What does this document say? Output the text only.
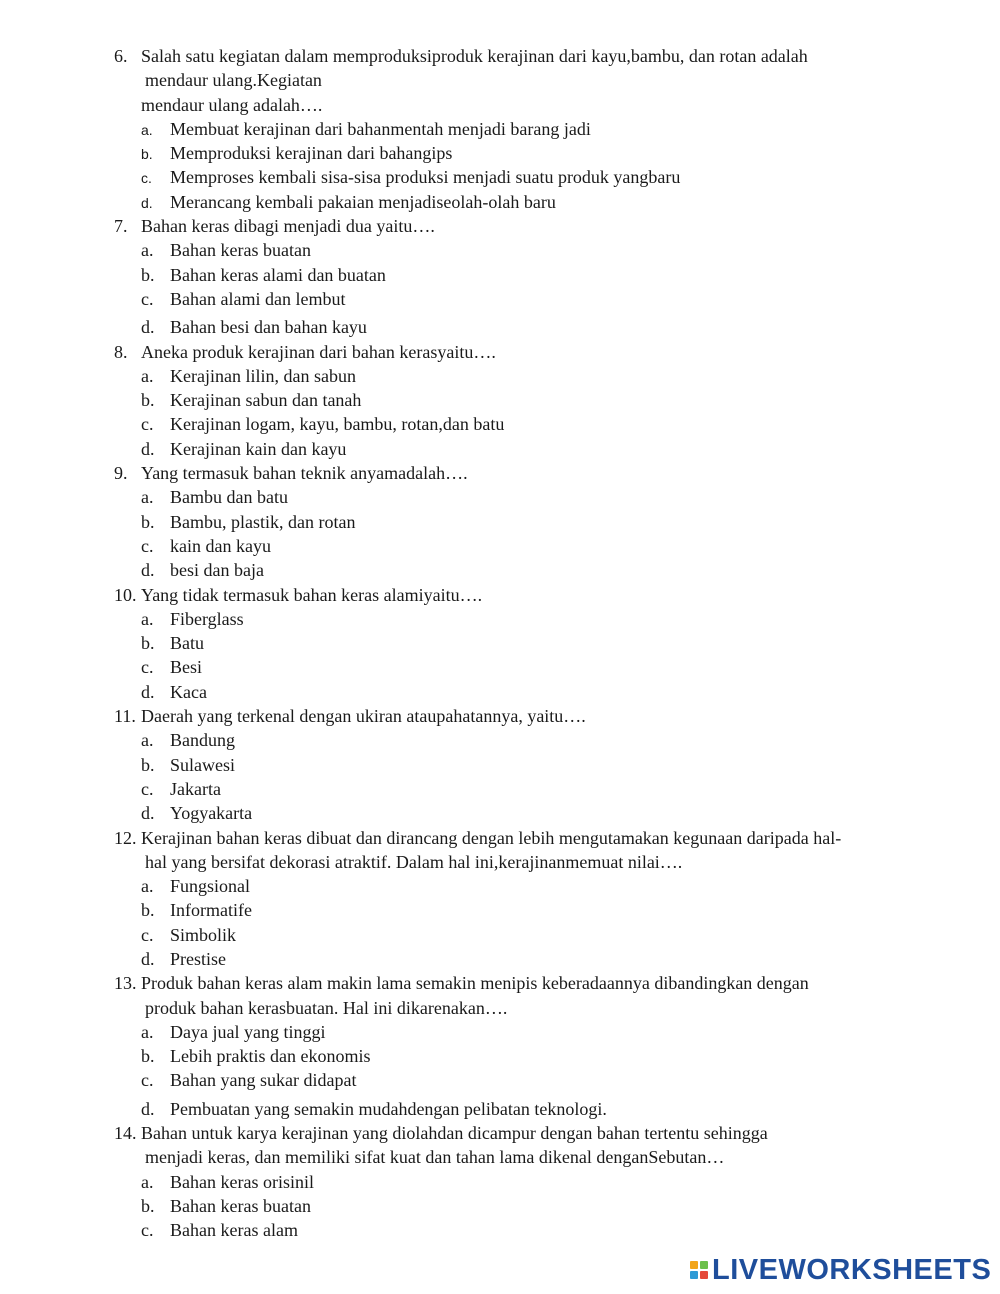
6. Salah satu kegiatan dalam memproduksiproduk kerajinan dari kayu,bambu, dan rotan adalah
mendaur ulang.Kegiatan
mendaur ulang adalah….
a. Membuat kerajinan dari bahanmentah menjadi barang jadi
b. Memproduksi kerajinan dari bahangips
c.	Memproses kembali sisa-sisa produksi menjadi suatu produk yangbaru
d. Merancang kembali pakaian menjadiseolah-olah baru
7. Bahan keras dibagi menjadi dua yaitu….
a. Bahan keras buatan
b. Bahan keras alami dan buatan
c. Bahan alami dan lembut
d. Bahan besi dan bahan kayu
8. Aneka produk kerajinan dari bahan kerasyaitu….
a. Kerajinan lilin, dan sabun
b. Kerajinan sabun dan tanah
c. Kerajinan logam, kayu, bambu, rotan,dan batu
d. Kerajinan kain dan kayu
9. Yang termasuk bahan teknik anyamadalah….
a. Bambu dan batu
b. Bambu, plastik, dan rotan
c. kain dan kayu
d. besi dan baja
10. Yang tidak termasuk bahan keras alamiyaitu….
a. Fiberglass
b. Batu
c. Besi
d. Kaca
11. Daerah yang terkenal dengan ukiran ataupahatannya, yaitu….
a. Bandung
b. Sulawesi
c. Jakarta
d. Yogyakarta
12. Kerajinan bahan keras dibuat dan dirancang dengan lebih mengutamakan kegunaan daripada hal-
hal yang bersifat dekorasi atraktif. Dalam hal ini,kerajinanmemuat nilai….
a. Fungsional
b. Informatife
c. Simbolik
d. Prestise
13. Produk bahan keras alam makin lama semakin menipis keberadaannya dibandingkan dengan
produk bahan kerasbuatan. Hal ini dikarenakan….
a. Daya jual yang tinggi
b. Lebih praktis dan ekonomis
c. Bahan yang sukar didapat
d. Pembuatan yang semakin mudahdengan pelibatan teknologi.
14. Bahan untuk karya kerajinan yang diolahdan dicampur dengan bahan tertentu sehingga
menjadi keras, dan memiliki sifat kuat dan tahan lama dikenal denganSebutan…
a. Bahan keras orisinil
b. Bahan keras buatan
c. Bahan keras alam
LIVEWORKSHEETS
